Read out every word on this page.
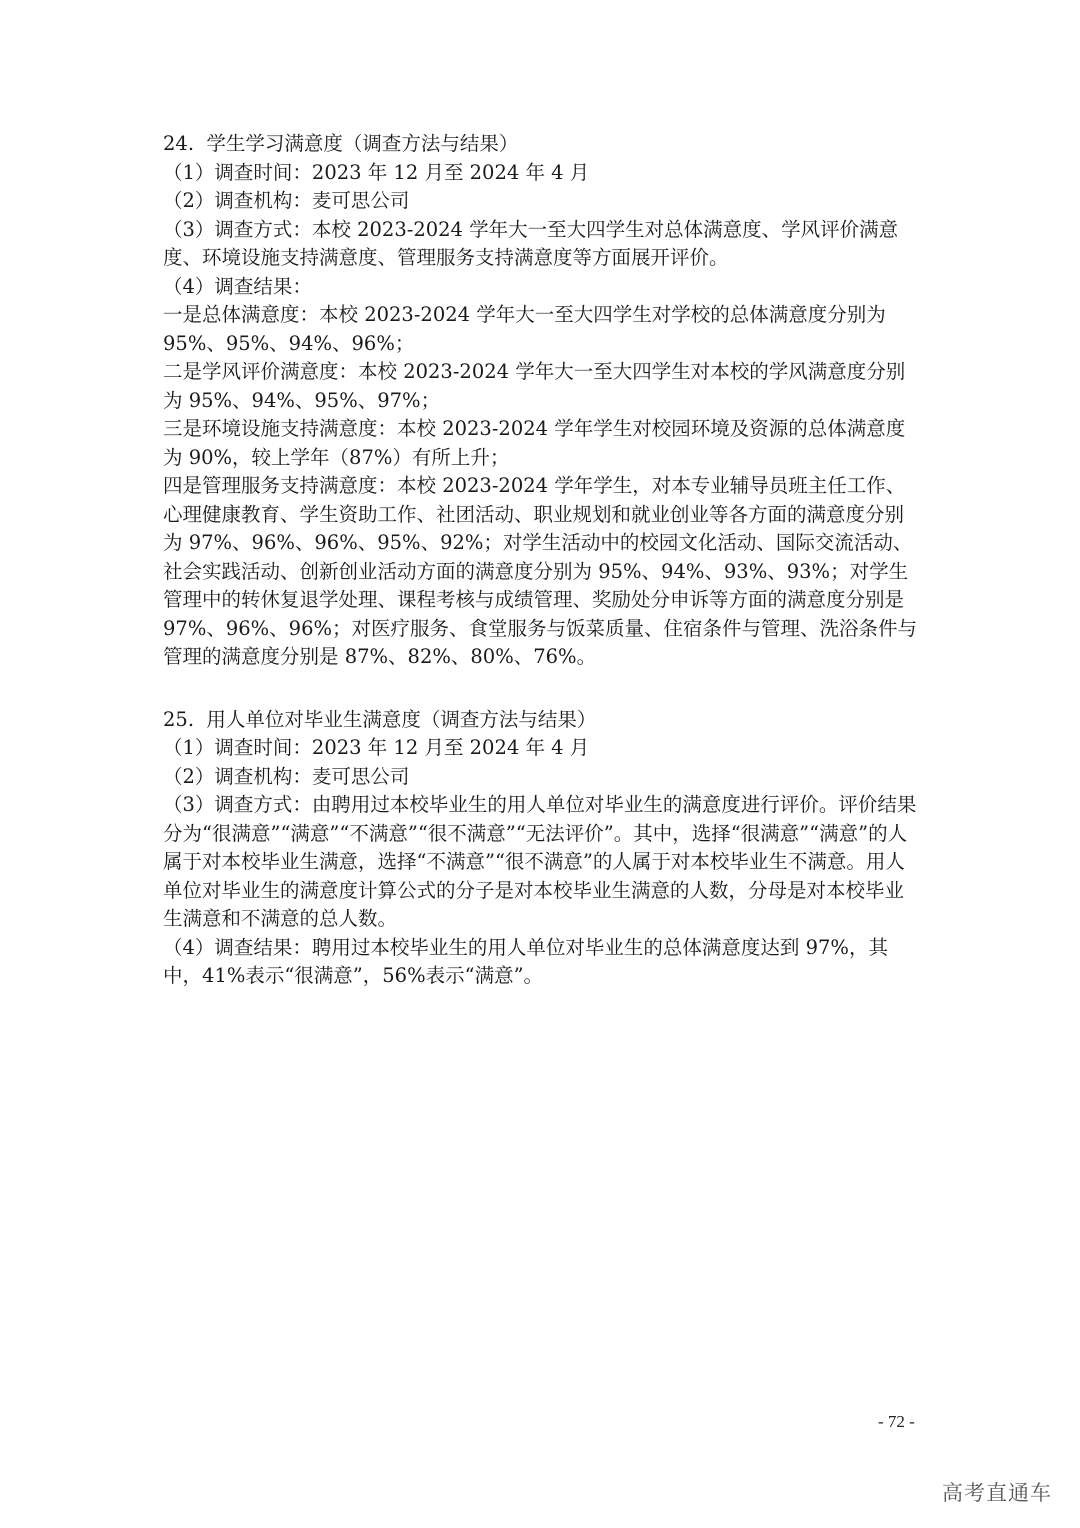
24.  学生学习满意度（调查方法与结果）

（1）调查时间：2023 年 12 月至 2024 年 4 月

（2）调查机构：麦可思公司

（3）调查方式：本校 2023-2024 学年大一至大四学生对总体满意度、学风评价满意度、环境设施支持满意度、管理服务支持满意度等方面展开评价。

（4）调查结果：

一是总体满意度：本校 2023-2024 学年大一至大四学生对学校的总体满意度分别为 95%、95%、94%、96%；

二是学风评价满意度：本校 2023-2024 学年大一至大四学生对本校的学风满意度分别为 95%、94%、95%、97%；

三是环境设施支持满意度：本校 2023-2024 学年学生对校园环境及资源的总体满意度为 90%，较上学年（87%）有所上升；

四是管理服务支持满意度：本校 2023-2024 学年学生，对本专业辅导员班主任工作、心理健康教育、学生资助工作、社团活动、职业规划和就业创业等各方面的满意度分别为 97%、96%、96%、95%、92%；对学生活动中的校园文化活动、国际交流活动、社会实践活动、创新创业活动方面的满意度分别为 95%、94%、93%、93%；对学生管理中的转休复退学处理、课程考核与成绩管理、奖励处分申诉等方面的满意度分别是 97%、96%、96%；对医疗服务、食堂服务与饭菜质量、住宿条件与管理、洗浴条件与管理的满意度分别是 87%、82%、80%、76%。

25.  用人单位对毕业生满意度（调查方法与结果）

（1）调查时间：2023 年 12 月至 2024 年 4 月

（2）调查机构：麦可思公司

（3）调查方式：由聘用过本校毕业生的用人单位对毕业生的满意度进行评价。评价结果分为“很满意”“满意”“不满意”“很不满意”“无法评价”。其中，选择“很满意”“满意”的人属于对本校毕业生满意，选择“不满意”“很不满意”的人属于对本校毕业生不满意。用人单位对毕业生的满意度计算公式的分子是对本校毕业生满意的人数，分母是对本校毕业生满意和不满意的总人数。

（4）调查结果：聘用过本校毕业生的用人单位对毕业生的总体满意度达到 97%，其中，41%表示“很满意”，56%表示“满意”。

- 72 -
高考直通车
